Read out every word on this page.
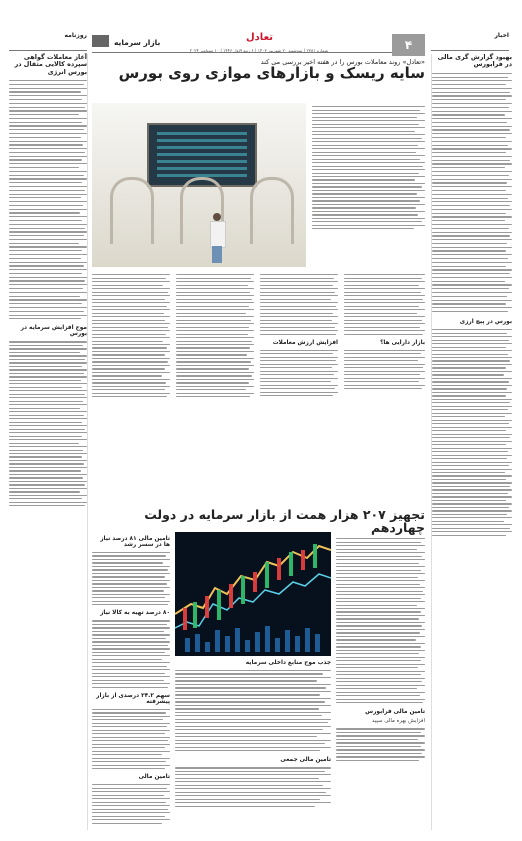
روزنامه
بازار سرمایه	تعادل
شماره ۲۳۸۱ | سه‌شنبه ۲۰ شهریور ۱۴۰۳ | ۶ ربیع الاول ۱۴۴۶ | ۱۰ سپتامبر ۲۰۲۴	۴
اخبار
آغاز معاملات گواهی سپرده کالایی مثقال در بورس انرژی
موج افزایش سرمایه در بورس
بهبود گزارش گری مالی در فرابورس
بورس در پیچ ارزی
«تعادل» روند معاملات بورس را در هفته اخیر بررسی می کند
سایه ریسک و بازارهای موازی روی بورس
افزایش ارزش معاملات	بازار دارایی ها؟
تجهیز ۲۰۷ هزار همت از بازار سرمایه در دولت چهاردهم
تامین مالی ۸۱ درصد نیاز ها در سسر رشد
۸۰ درصد تهیه به کالا نیاز
سهم ۳۴.۲ درصدی از بازار پیشرفته
تامین مالی
جذب موج منابع داخلی سرمایه
تامین مالی جمعی
تامین مالی فرابورس
افزایش بهره مالی سپید
